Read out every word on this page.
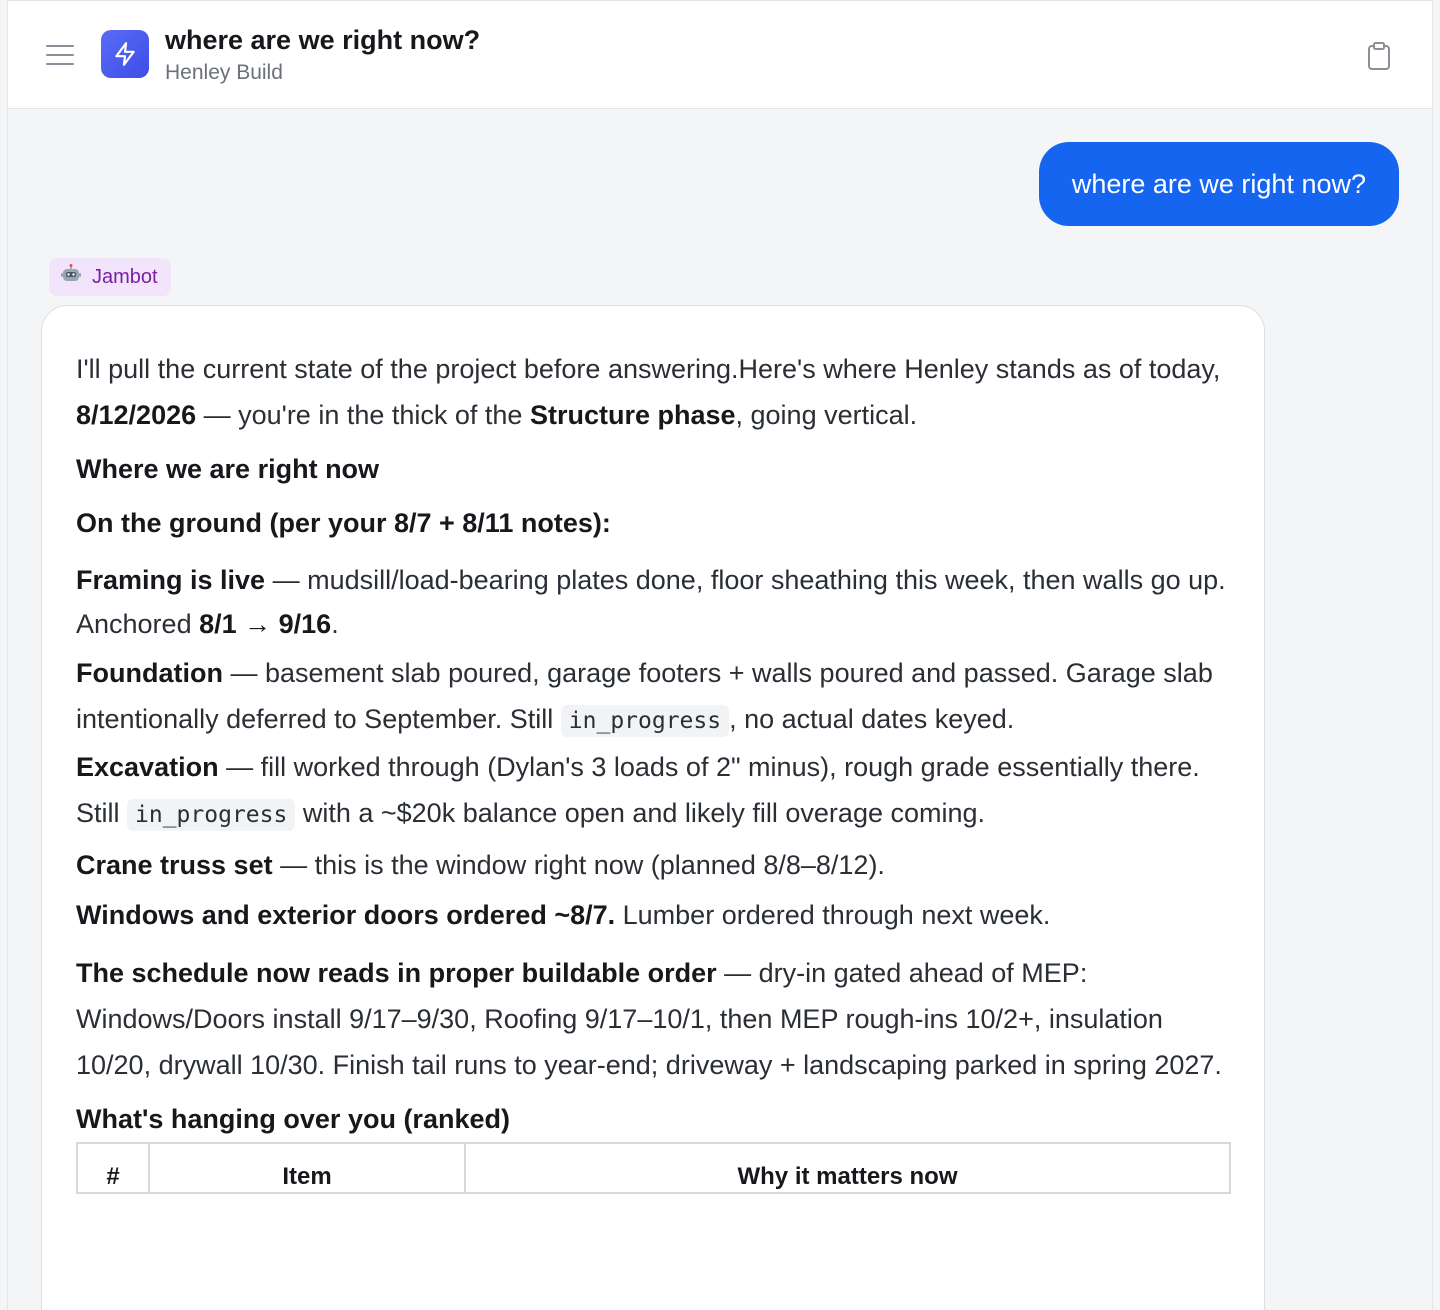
where are we right now?
Henley Build
where are we right now?
Jambot

I'll pull the current state of the project before answering.Here's where Henley stands as of today, 8/12/2026 — you're in the thick of the Structure phase, going vertical.

Where we are right now

On the ground (per your 8/7 + 8/11 notes):

Framing is live — mudsill/load-bearing plates done, floor sheathing this week, then walls go up. Anchored 8/1 → 9/16.

Foundation — basement slab poured, garage footers + walls poured and passed. Garage slab intentionally deferred to September. Still in_progress , no actual dates keyed.

Excavation — fill worked through (Dylan's 3 loads of 2" minus), rough grade essentially there. Still in_progress with a ~$20k balance open and likely fill overage coming.

Crane truss set — this is the window right now (planned 8/8–8/12).

Windows and exterior doors ordered ~8/7. Lumber ordered through next week.

The schedule now reads in proper buildable order — dry-in gated ahead of MEP: Windows/Doors install 9/17–9/30, Roofing 9/17–10/1, then MEP rough-ins 10/2+, insulation 10/20, drywall 10/30. Finish tail runs to year-end; driveway + landscaping parked in spring 2027.

What's hanging over you (ranked)

#	Item	Why it matters now
